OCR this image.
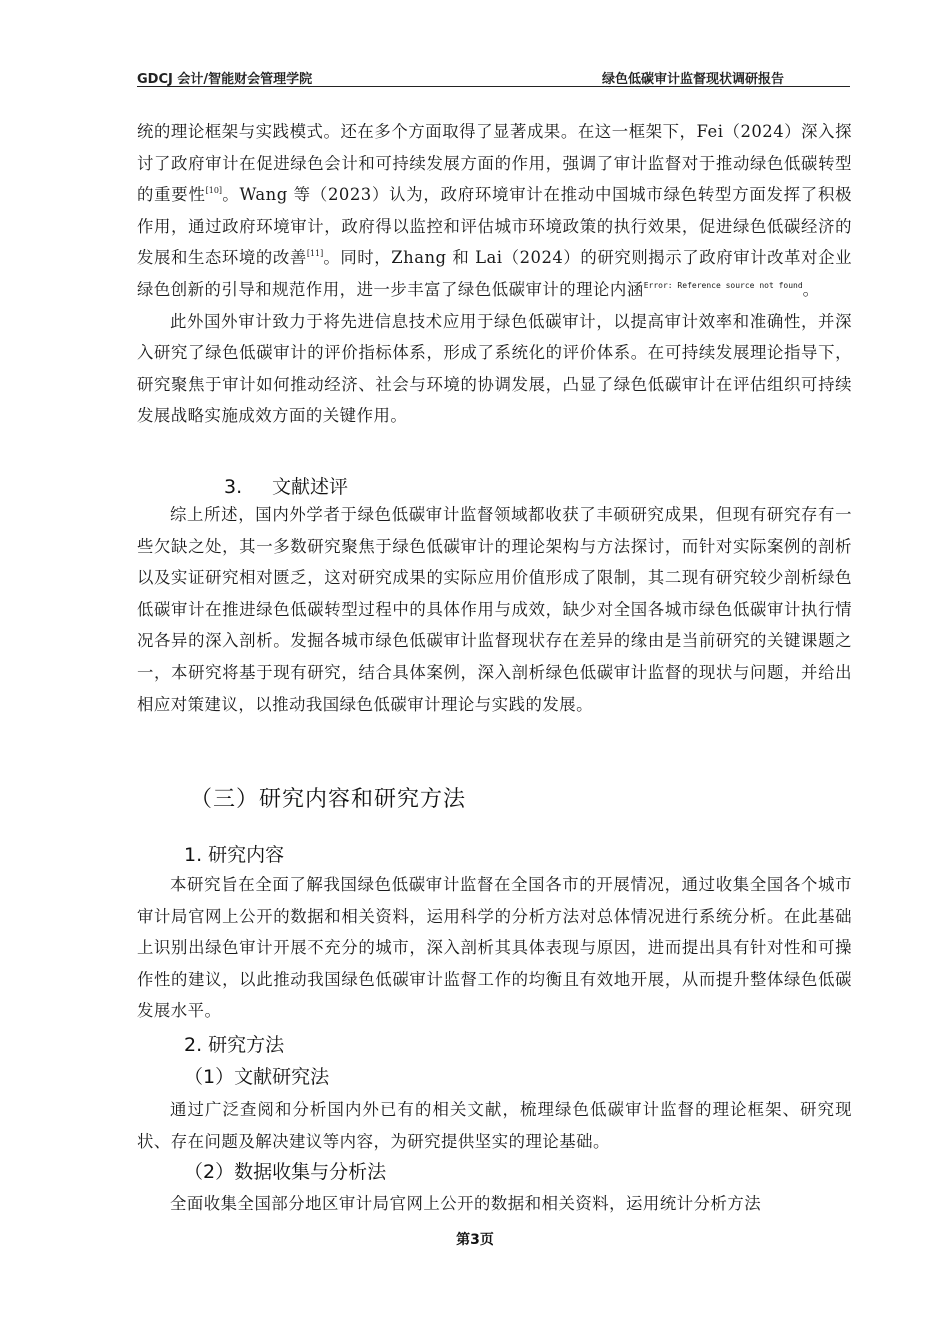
GDCJ 会计/智能财会管理学院	绿色低碳审计监督现状调研报告

统的理论框架与实践模式。还在多个方面取得了显著成果。在这一框架下，Fei（2024）深入探讨了政府审计在促进绿色会计和可持续发展方面的作用，强调了审计监督对于推动绿色低碳转型的重要性[10]。Wang 等（2023）认为，政府环境审计在推动中国城市绿色转型方面发挥了积极作用，通过政府环境审计，政府得以监控和评估城市环境政策的执行效果，促进绿色低碳经济的发展和生态环境的改善[11]。同时，Zhang 和 Lai（2024）的研究则揭示了政府审计改革对企业绿色创新的引导和规范作用，进一步丰富了绿色低碳审计的理论内涵$^{Error: Reference source not found}$。

此外国外审计致力于将先进信息技术应用于绿色低碳审计，以提高审计效率和准确性，并深入研究了绿色低碳审计的评价指标体系，形成了系统化的评价体系。在可持续发展理论指导下，研究聚焦于审计如何推动经济、社会与环境的协调发展，凸显了绿色低碳审计在评估组织可持续发展战略实施成效方面的关键作用。

3. 文献述评

综上所述，国内外学者于绿色低碳审计监督领域都收获了丰硕研究成果，但现有研究存有一些欠缺之处，其一多数研究聚焦于绿色低碳审计的理论架构与方法探讨，而针对实际案例的剖析以及实证研究相对匮乏，这对研究成果的实际应用价值形成了限制，其二现有研究较少剖析绿色低碳审计在推进绿色低碳转型过程中的具体作用与成效，缺少对全国各城市绿色低碳审计执行情况各异的深入剖析。发掘各城市绿色低碳审计监督现状存在差异的缘由是当前研究的关键课题之一，本研究将基于现有研究，结合具体案例，深入剖析绿色低碳审计监督的现状与问题，并给出相应对策建议，以推动我国绿色低碳审计理论与实践的发展。

（三）研究内容和研究方法
1. 研究内容

本研究旨在全面了解我国绿色低碳审计监督在全国各市的开展情况，通过收集全国各个城市审计局官网上公开的数据和相关资料，运用科学的分析方法对总体情况进行系统分析。在此基础上识别出绿色审计开展不充分的城市，深入剖析其具体表现与原因，进而提出具有针对性和可操作性的建议，以此推动我国绿色低碳审计监督工作的均衡且有效地开展，从而提升整体绿色低碳发展水平。

2. 研究方法
（1）文献研究法

通过广泛查阅和分析国内外已有的相关文献，梳理绿色低碳审计监督的理论框架、研究现状、存在问题及解决建议等内容，为研究提供坚实的理论基础。

（2）数据收集与分析法

全面收集全国部分地区审计局官网上公开的数据和相关资料，运用统计分析方法

第3页
